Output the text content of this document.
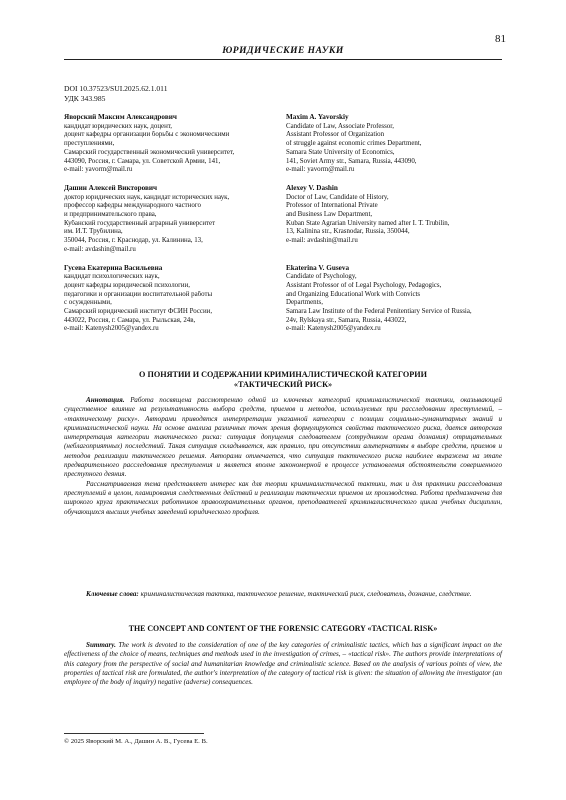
81
ЮРИДИЧЕСКИЕ НАУКИ
DOI 10.37523/SUI.2025.62.1.011
УДК 343.985
Яворский Максим Александрович
кандидат юридических наук, доцент,
доцент кафедры организации борьбы с экономическими
преступлениями,
Самарский государственный экономический университет,
443090, Россия, г. Самара, ул. Советской Армии, 141,
e-mail: yavorm@mail.ru
Maxim A. Yavorskiy
Candidate of Law, Associate Professor,
Assistant Professor of Organization
of struggle against economic crimes Department,
Samara State University of Economics,
141, Soviet Army str., Samara, Russia, 443090,
e-mail: yavorm@mail.ru
Дашин Алексей Викторович
доктор юридических наук, кандидат исторических наук,
профессор кафедры международного частного
и предпринимательского права,
Кубанский государственный аграрный университет
им. И.Т. Трубилина,
350044, Россия, г. Краснодар, ул. Калинина, 13,
e-mail: avdashin@mail.ru
Alexey V. Dashin
Doctor of Law, Candidate of History,
Professor of International Private
and Business Law Department,
Kuban State Agrarian University named after I. T. Trubilin,
13, Kalinina str., Krasnodar, Russia, 350044,
e-mail: avdashin@mail.ru
Гусева Екатерина Васильевна
кандидат психологических наук,
доцент кафедры юридической психологии,
педагогики и организации воспитательной работы
с осужденными,
Самарский юридический институт ФСИН России,
443022, Россия, г. Самара, ул. Рыльская, 24в,
e-mail: Katenysh2005@yandex.ru
Ekaterina V. Guseva
Candidate of Psychology,
Assistant Professor of of Legal Psychology, Pedagogics,
and Organizing Educational Work with Convicts
Departments,
Samara Law Institute of the Federal Penitentiary Service of Russia,
24v, Rylskaya str., Samara, Russia, 443022,
e-mail: Katenysh2005@yandex.ru
О ПОНЯТИИ И СОДЕРЖАНИИ КРИМИНАЛИСТИЧЕСКОЙ КАТЕГОРИИ
«ТАКТИЧЕСКИЙ РИСК»

Аннотация. Работа посвящена рассмотрению одной из ключевых категорий криминалистической тактики, оказывающей существенное влияние на результативность выбора средств, приемов и методов, используемых при расследовании преступлений, – «тактическому риску». Авторами приводятся интерпретации указанной категории с позиции социально-гуманитарных знаний и криминалистической науки. На основе анализа различных точек зрения формулируются свойства тактического риска, дается авторская интерпретация категории тактического риска: ситуация допущения следователем (сотрудником органа дознания) отрицательных (неблагоприятных) последствий. Такая ситуация складывается, как правило, при отсутствии альтернативы в выборе средств, приемов и методов реализации тактического решения. Авторами отмечается, что ситуация тактического риска наиболее выражена на этапе предварительного расследования преступления и является вполне закономерной в процессе установления обстоятельств совершенного преступного деяния.

Рассматриваемая тема представляет интерес как для теории криминалистической тактики, так и для практики расследования преступлений в целом, планирования следственных действий и реализации тактических приемов их производства. Работа предназначена для широкого круга практических работников правоохранительных органов, преподавателей криминалистического цикла учебных дисциплин, обучающихся высших учебных заведений юридического профиля.

Ключевые слова: криминалистическая тактика, тактическое решение, тактический риск, следователь, дознание, следствие.
THE CONCEPT AND CONTENT OF THE FORENSIC CATEGORY «TACTICAL RISK»
Summary. The work is devoted to the consideration of one of the key categories of criminalistic tactics, which has a significant impact on the effectiveness of the choice of means, techniques and methods used in the investigation of crimes, – «tactical risk». The authors provide interpretations of this category from the perspective of social and humanitarian knowledge and criminalistic science. Based on the analysis of various points of view, the properties of tactical risk are formulated, the author's interpretation of the category of tactical risk is given: the situation of allowing the investigator (an employee of the body of inquiry) negative (adverse) consequences.
© 2025 Яворский М. А., Дашин А. В., Гусева Е. В.
